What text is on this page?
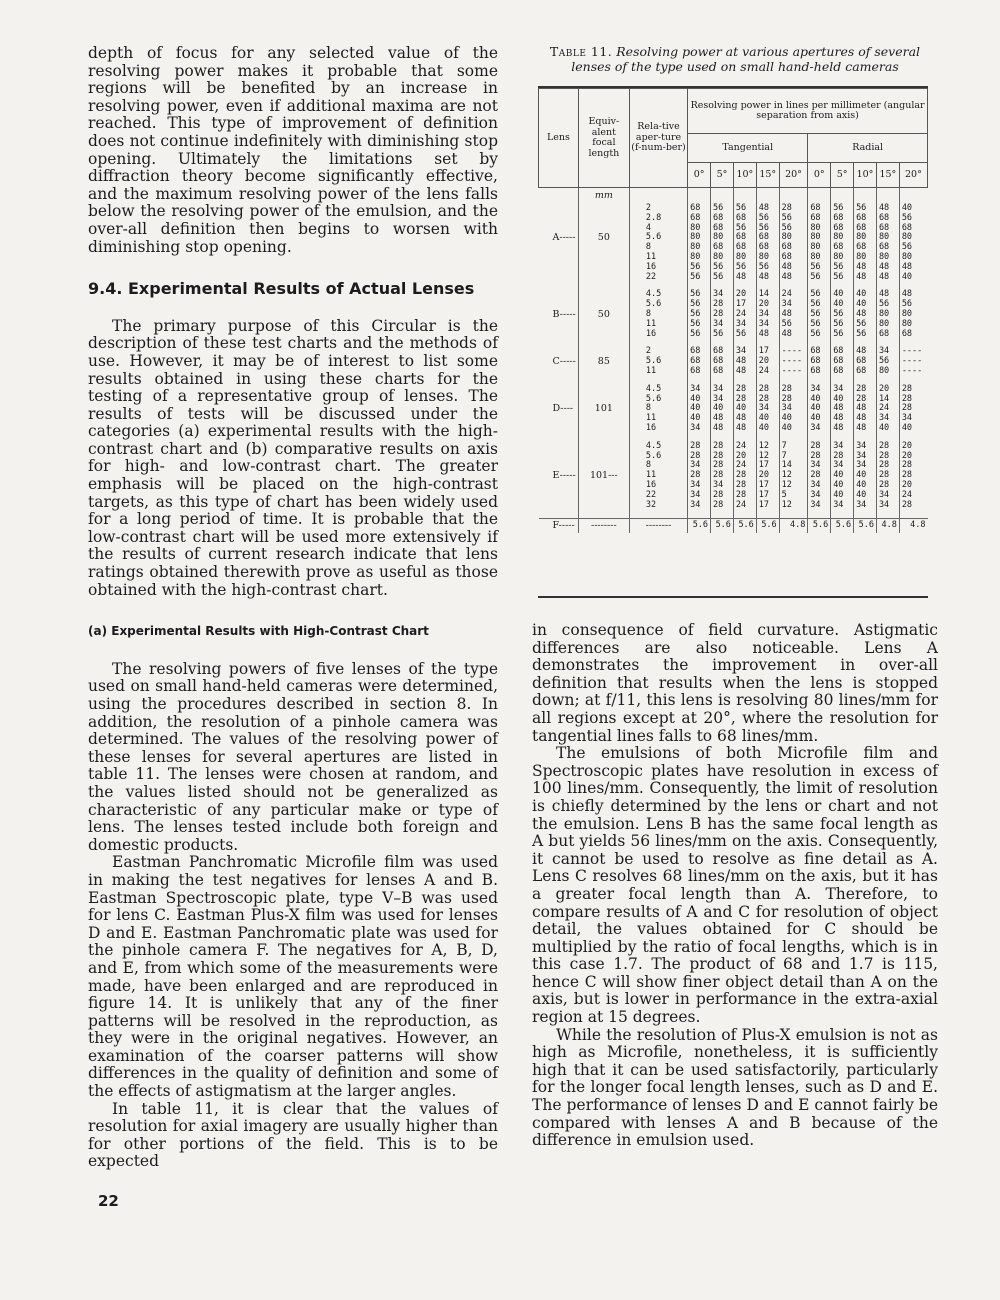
depth of focus for any selected value of the resolving power makes it probable that some regions will be benefited by an increase in resolving power, even if additional maxima are not reached. This type of improvement of definition does not continue indefinitely with diminishing stop opening. Ultimately the limitations set by diffraction theory become significantly effective, and the maximum resolving power of the lens falls below the resolving power of the emulsion, and the over-all definition then begins to worsen with diminishing stop opening.

9.4. Experimental Results of Actual Lenses

The primary purpose of this Circular is the description of these test charts and the methods of use. However, it may be of interest to list some results obtained in using these charts for the testing of a representative group of lenses. The results of tests will be discussed under the categories (a) experimental results with the high-contrast chart and (b) comparative results on axis for high- and low-contrast chart. The greater emphasis will be placed on the high-contrast targets, as this type of chart has been widely used for a long period of time. It is probable that the low-contrast chart will be used more extensively if the results of current research indicate that lens ratings obtained therewith prove as useful as those obtained with the high-contrast chart.

(a) Experimental Results with High-Contrast Chart

The resolving powers of five lenses of the type used on small hand-held cameras were determined, using the procedures described in section 8. In addition, the resolution of a pinhole camera was determined. The values of the resolving power of these lenses for several apertures are listed in table 11. The lenses were chosen at random, and the values listed should not be generalized as characteristic of any particular make or type of lens. The lenses tested include both foreign and domestic products.

Eastman Panchromatic Microfile film was used in making the test negatives for lenses A and B. Eastman Spectroscopic plate, type V–B was used for lens C. Eastman Plus-X film was used for lenses D and E. Eastman Panchromatic plate was used for the pinhole camera F. The negatives for A, B, D, and E, from which some of the measurements were made, have been enlarged and are reproduced in figure 14. It is unlikely that any of the finer patterns will be resolved in the reproduction, as they were in the original negatives. However, an examination of the coarser patterns will show differences in the quality of definition and some of the effects of astigmatism at the larger angles.

In table 11, it is clear that the values of resolution for axial imagery are usually higher than for other portions of the field. This is to be expected

22
Table 11. Resolving power at various apertures of several lenses of the type used on small hand-held cameras
Lens	Equiv-alent focal length	Rela-tive aper-ture (f-num-ber)	Resolving power in lines per millimeter (angular separation from axis)									
			Tangential					Radial				
			0°	5°	10°	15°	20°	0°	5°	10°	15°	20°
	mm											
		2	68	56	56	48	28	68	56	56	48	40
		2.8	68	68	68	56	56	68	68	68	68	56
		4	80	68	56	56	56	80	68	68	68	68
A-----	50	5.6	80	80	68	68	80	80	80	80	80	80
		8	80	68	68	68	68	80	68	68	68	56
		11	80	80	80	80	68	80	80	80	80	80
		16	56	56	56	56	48	56	56	48	48	48
		22	56	56	48	48	48	56	56	48	48	40

		4.5	56	34	20	14	24	56	40	40	48	48
		5.6	56	28	17	20	34	56	40	40	56	56
B-----	50	8	56	28	24	34	48	56	56	48	80	80
		11	56	34	34	34	56	56	56	56	80	80
		16	56	56	56	48	48	56	56	56	68	68

		2	68	68	34	17	----	68	68	48	34	----
C-----	85	5.6	68	68	48	20	----	68	68	68	56	----
		11	68	68	48	24	----	68	68	68	80	----

		4.5	34	34	28	28	28	34	34	28	20	28
		5.6	40	34	28	28	28	40	40	28	14	28
D----	101	8	40	40	40	34	34	40	48	48	24	28
		11	40	48	48	40	40	40	48	48	34	34
		16	34	48	48	40	40	34	48	48	40	40

		4.5	28	28	24	12	7	28	34	34	28	20
		5.6	28	28	20	12	7	28	28	34	28	20
		8	34	28	24	17	14	34	34	34	28	28
E-----	101---	11	28	28	28	20	12	28	40	40	28	28
		16	34	34	28	17	12	34	40	40	28	20
		22	34	28	28	17	5	34	40	40	34	24
		32	34	28	24	17	12	34	34	34	34	28

F-----	--------	--------	5.6	5.6	5.6	5.6	4.8	5.6	5.6	5.6	4.8	4.8

in consequence of field curvature. Astigmatic differences are also noticeable. Lens A demonstrates the improvement in over-all definition that results when the lens is stopped down; at f/11, this lens is resolving 80 lines/mm for all regions except at 20°, where the resolution for tangential lines falls to 68 lines/mm.

The emulsions of both Microfile film and Spectroscopic plates have resolution in excess of 100 lines/mm. Consequently, the limit of resolution is chiefly determined by the lens or chart and not the emulsion. Lens B has the same focal length as A but yields 56 lines/mm on the axis. Consequently, it cannot be used to resolve as fine detail as A. Lens C resolves 68 lines/mm on the axis, but it has a greater focal length than A. Therefore, to compare results of A and C for resolution of object detail, the values obtained for C should be multiplied by the ratio of focal lengths, which is in this case 1.7. The product of 68 and 1.7 is 115, hence C will show finer object detail than A on the axis, but is lower in performance in the extra-axial region at 15 degrees.

While the resolution of Plus-X emulsion is not as high as Microfile, nonetheless, it is sufficiently high that it can be used satisfactorily, particularly for the longer focal length lenses, such as D and E. The performance of lenses D and E cannot fairly be compared with lenses A and B because of the difference in emulsion used.
